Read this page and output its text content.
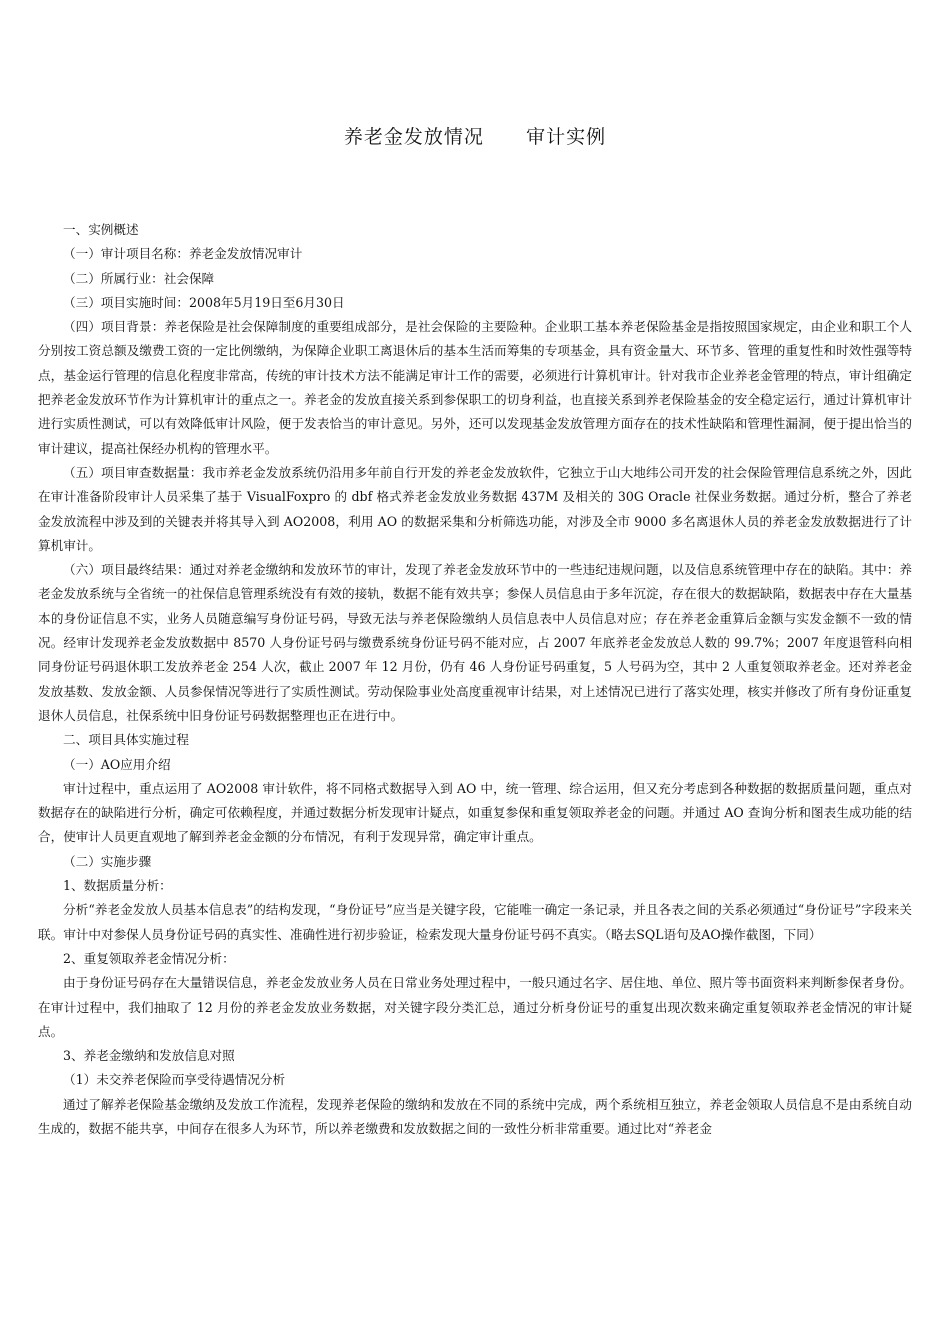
养老金发放情况      审计实例

一、实例概述

（一）审计项目名称：养老金发放情况审计

（二）所属行业：社会保障

（三）项目实施时间：2008年5月19日至6月30日

（四）项目背景：养老保险是社会保障制度的重要组成部分，是社会保险的主要险种。企业职工基本养老保险基金是指按照国家规定，由企业和职工个人分别按工资总额及缴费工资的一定比例缴纳，为保障企业职工离退休后的基本生活而筹集的专项基金，具有资金量大、环节多、管理的重复性和时效性强等特点，基金运行管理的信息化程度非常高，传统的审计技术方法不能满足审计工作的需要，必须进行计算机审计。针对我市企业养老金管理的特点，审计组确定把养老金发放环节作为计算机审计的重点之一。养老金的发放直接关系到参保职工的切身利益，也直接关系到养老保险基金的安全稳定运行，通过计算机审计进行实质性测试，可以有效降低审计风险，便于发表恰当的审计意见。另外，还可以发现基金发放管理方面存在的技术性缺陷和管理性漏洞，便于提出恰当的审计建议，提高社保经办机构的管理水平。

（五）项目审查数据量：我市养老金发放系统仍沿用多年前自行开发的养老金发放软件，它独立于山大地纬公司开发的社会保险管理信息系统之外，因此在审计准备阶段审计人员采集了基于 VisualFoxpro 的 dbf 格式养老金发放业务数据 437M 及相关的 30G Oracle 社保业务数据。通过分析，整合了养老金发放流程中涉及到的关键表并将其导入到 AO2008，利用 AO 的数据采集和分析筛选功能，对涉及全市 9000 多名离退休人员的养老金发放数据进行了计算机审计。

（六）项目最终结果：通过对养老金缴纳和发放环节的审计，发现了养老金发放环节中的一些违纪违规问题，以及信息系统管理中存在的缺陷。其中：养老金发放系统与全省统一的社保信息管理系统没有有效的接轨，数据不能有效共享；参保人员信息由于多年沉淀，存在很大的数据缺陷，数据表中存在大量基本的身份证信息不实，业务人员随意编写身份证号码，导致无法与养老保险缴纳人员信息表中人员信息对应；存在养老金重算后金额与实发金额不一致的情况。经审计发现养老金发放数据中 8570 人身份证号码与缴费系统身份证号码不能对应，占 2007 年底养老金发放总人数的 99.7%；2007 年度退管科向相同身份证号码退休职工发放养老金 254 人次，截止 2007 年 12 月份，仍有 46 人身份证号码重复，5 人号码为空，其中 2 人重复领取养老金。还对养老金发放基数、发放金额、人员参保情况等进行了实质性测试。劳动保险事业处高度重视审计结果，对上述情况已进行了落实处理，核实并修改了所有身份证重复退休人员信息，社保系统中旧身份证号码数据整理也正在进行中。

二、项目具体实施过程

（一）AO应用介绍

审计过程中，重点运用了 AO2008 审计软件，将不同格式数据导入到 AO 中，统一管理、综合运用，但又充分考虑到各种数据的数据质量问题，重点对数据存在的缺陷进行分析，确定可依赖程度，并通过数据分析发现审计疑点，如重复参保和重复领取养老金的问题。并通过 AO 查询分析和图表生成功能的结合，使审计人员更直观地了解到养老金金额的分布情况，有利于发现异常，确定审计重点。

（二）实施步骤

1、数据质量分析：

分析“养老金发放人员基本信息表”的结构发现，“身份证号”应当是关键字段，它能唯一确定一条记录，并且各表之间的关系必须通过“身份证号”字段来关联。审计中对参保人员身份证号码的真实性、准确性进行初步验证，检索发现大量身份证号码不真实。（略去SQL语句及AO操作截图，下同）

2、重复领取养老金情况分析：

由于身份证号码存在大量错误信息，养老金发放业务人员在日常业务处理过程中，一般只通过名字、居住地、单位、照片等书面资料来判断参保者身份。在审计过程中，我们抽取了 12 月份的养老金发放业务数据，对关键字段分类汇总，通过分析身份证号的重复出现次数来确定重复领取养老金情况的审计疑点。

3、养老金缴纳和发放信息对照

（1）未交养老保险而享受待遇情况分析

通过了解养老保险基金缴纳及发放工作流程，发现养老保险的缴纳和发放在不同的系统中完成，两个系统相互独立，养老金领取人员信息不是由系统自动生成的，数据不能共享，中间存在很多人为环节，所以养老缴费和发放数据之间的一致性分析非常重要。通过比对“养老金
